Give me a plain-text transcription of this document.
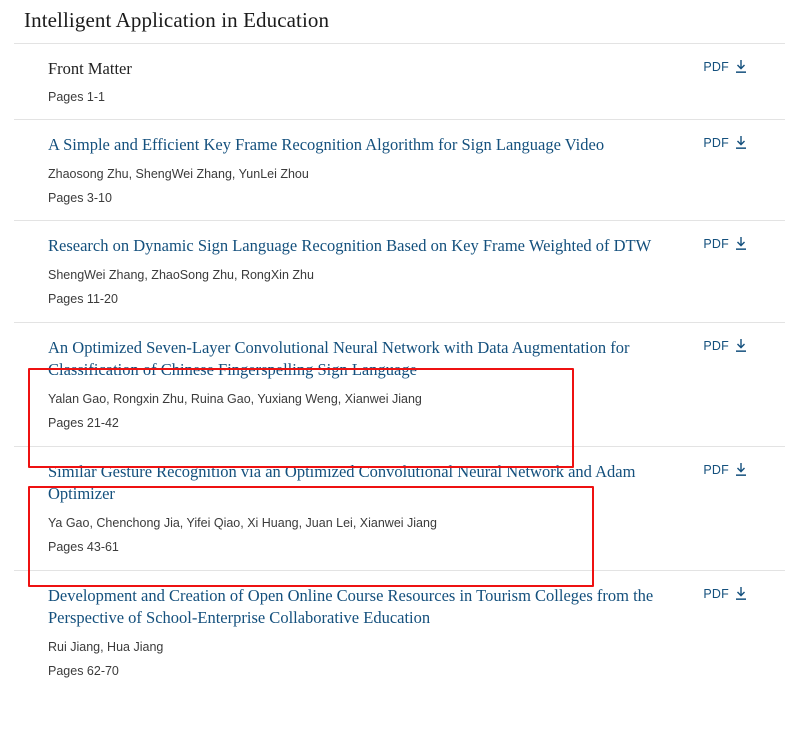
Intelligent Application in Education
Front Matter
Pages 1-1
PDF
A Simple and Efficient Key Frame Recognition Algorithm for Sign Language Video
Zhaosong Zhu, ShengWei Zhang, YunLei Zhou
Pages 3-10
PDF
Research on Dynamic Sign Language Recognition Based on Key Frame Weighted of DTW
ShengWei Zhang, ZhaoSong Zhu, RongXin Zhu
Pages 11-20
PDF
An Optimized Seven-Layer Convolutional Neural Network with Data Augmentation for Classification of Chinese Fingerspelling Sign Language
Yalan Gao, Rongxin Zhu, Ruina Gao, Yuxiang Weng, Xianwei Jiang
Pages 21-42
PDF
Similar Gesture Recognition via an Optimized Convolutional Neural Network and Adam Optimizer
Ya Gao, Chenchong Jia, Yifei Qiao, Xi Huang, Juan Lei, Xianwei Jiang
Pages 43-61
PDF
Development and Creation of Open Online Course Resources in Tourism Colleges from the Perspective of School-Enterprise Collaborative Education
Rui Jiang, Hua Jiang
Pages 62-70
PDF
